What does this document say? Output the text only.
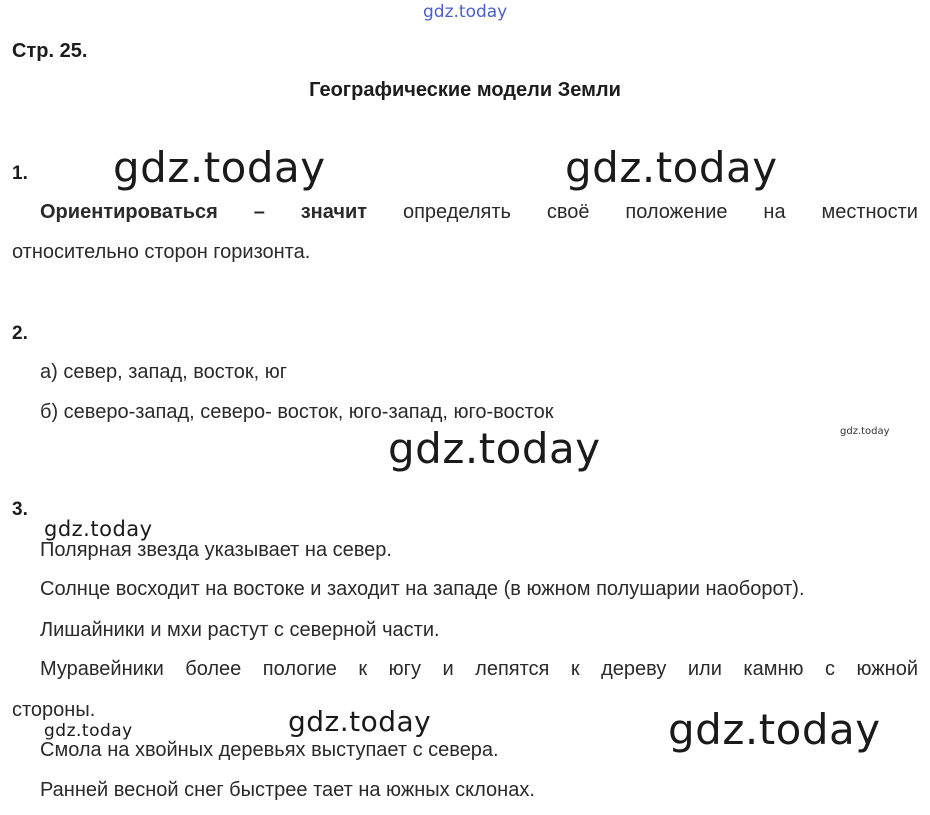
gdz.today
gdz.today	gdz.today
gdz.today	gdz.today
gdz.today
gdz.today	gdz.today
gdz.today
Стр. 25.
Географические модели Земли
1.
Ориентироваться – значит определять своё положение на местности
относительно сторон горизонта.
2.
а) север, запад, восток, юг
б) северо-запад, северо- восток, юго-запад, юго-восток
3.
Полярная звезда указывает на север.
Солнце восходит на востоке и заходит на западе (в южном полушарии наоборот).
Лишайники и мхи растут с северной части.
Муравейники более пологие к югу и лепятся к дереву или камню с южной
стороны.
Смола на хвойных деревьях выступает с севера.
Ранней весной снег быстрее тает на южных склонах.
